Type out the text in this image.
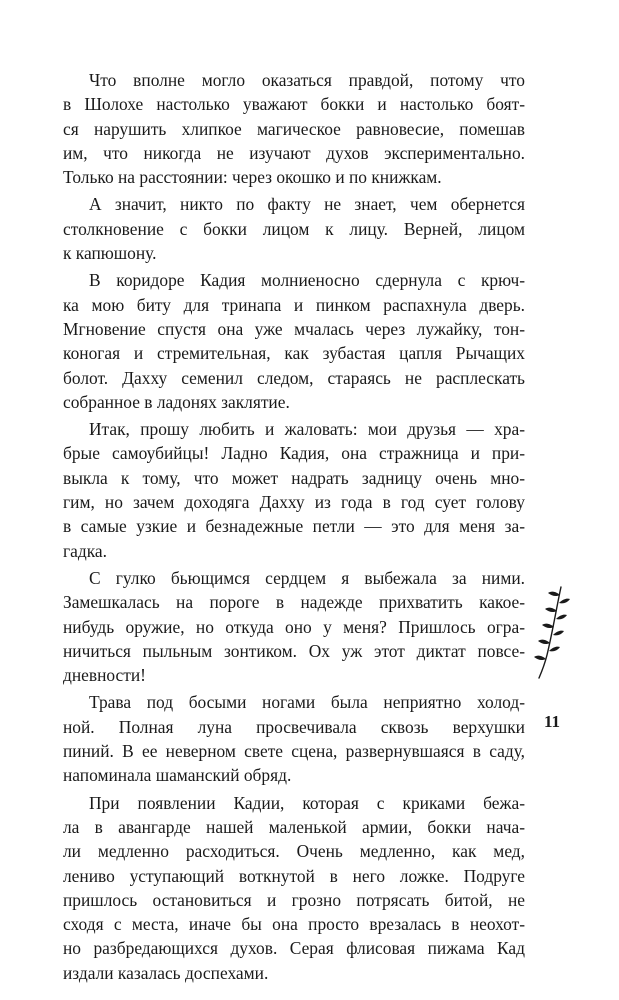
Что вполне могло оказаться правдой, потому что
в Шолохе настолько уважают бокки и настолько боят-
ся нарушить хлипкое магическое равновесие, помешав
им, что никогда не изучают духов экспериментально.
Только на расстоянии: через окошко и по книжкам.

А значит, никто по факту не знает, чем обернется
столкновение с бокки лицом к лицу. Верней, лицом
к капюшону.

В коридоре Кадия молниеносно сдернула с крюч-
ка мою биту для тринапа и пинком распахнула дверь.
Мгновение спустя она уже мчалась через лужайку, тон-
коногая и стремительная, как зубастая цапля Рычащих
болот. Дахху семенил следом, стараясь не расплескать
собранное в ладонях заклятие.

Итак, прошу любить и жаловать: мои друзья — хра-
брые самоубийцы! Ладно Кадия, она стражница и при-
выкла к тому, что может надрать задницу очень мно-
гим, но зачем доходяга Дахху из года в год сует голову
в самые узкие и безнадежные петли — это для меня за-
гадка.

С гулко бьющимся сердцем я выбежала за ними.
Замешкалась на пороге в надежде прихватить какое-
нибудь оружие, но откуда оно у меня? Пришлось огра-
ничиться пыльным зонтиком. Ох уж этот диктат повсе-
дневности!

Трава под босыми ногами была неприятно холод-
ной. Полная луна просвечивала сквозь верхушки
пиний. В ее неверном свете сцена, развернувшаяся в саду,
напоминала шаманский обряд.

При появлении Кадии, которая с криками бежа-
ла в авангарде нашей маленькой армии, бокки нача-
ли медленно расходиться. Очень медленно, как мед,
лениво уступающий воткнутой в него ложке. Подруге
пришлось остановиться и грозно потрясать битой, не
сходя с места, иначе бы она просто врезалась в неохот-
но разбредающихся духов. Серая флисовая пижама Кад
издали казалась доспехами.

11
